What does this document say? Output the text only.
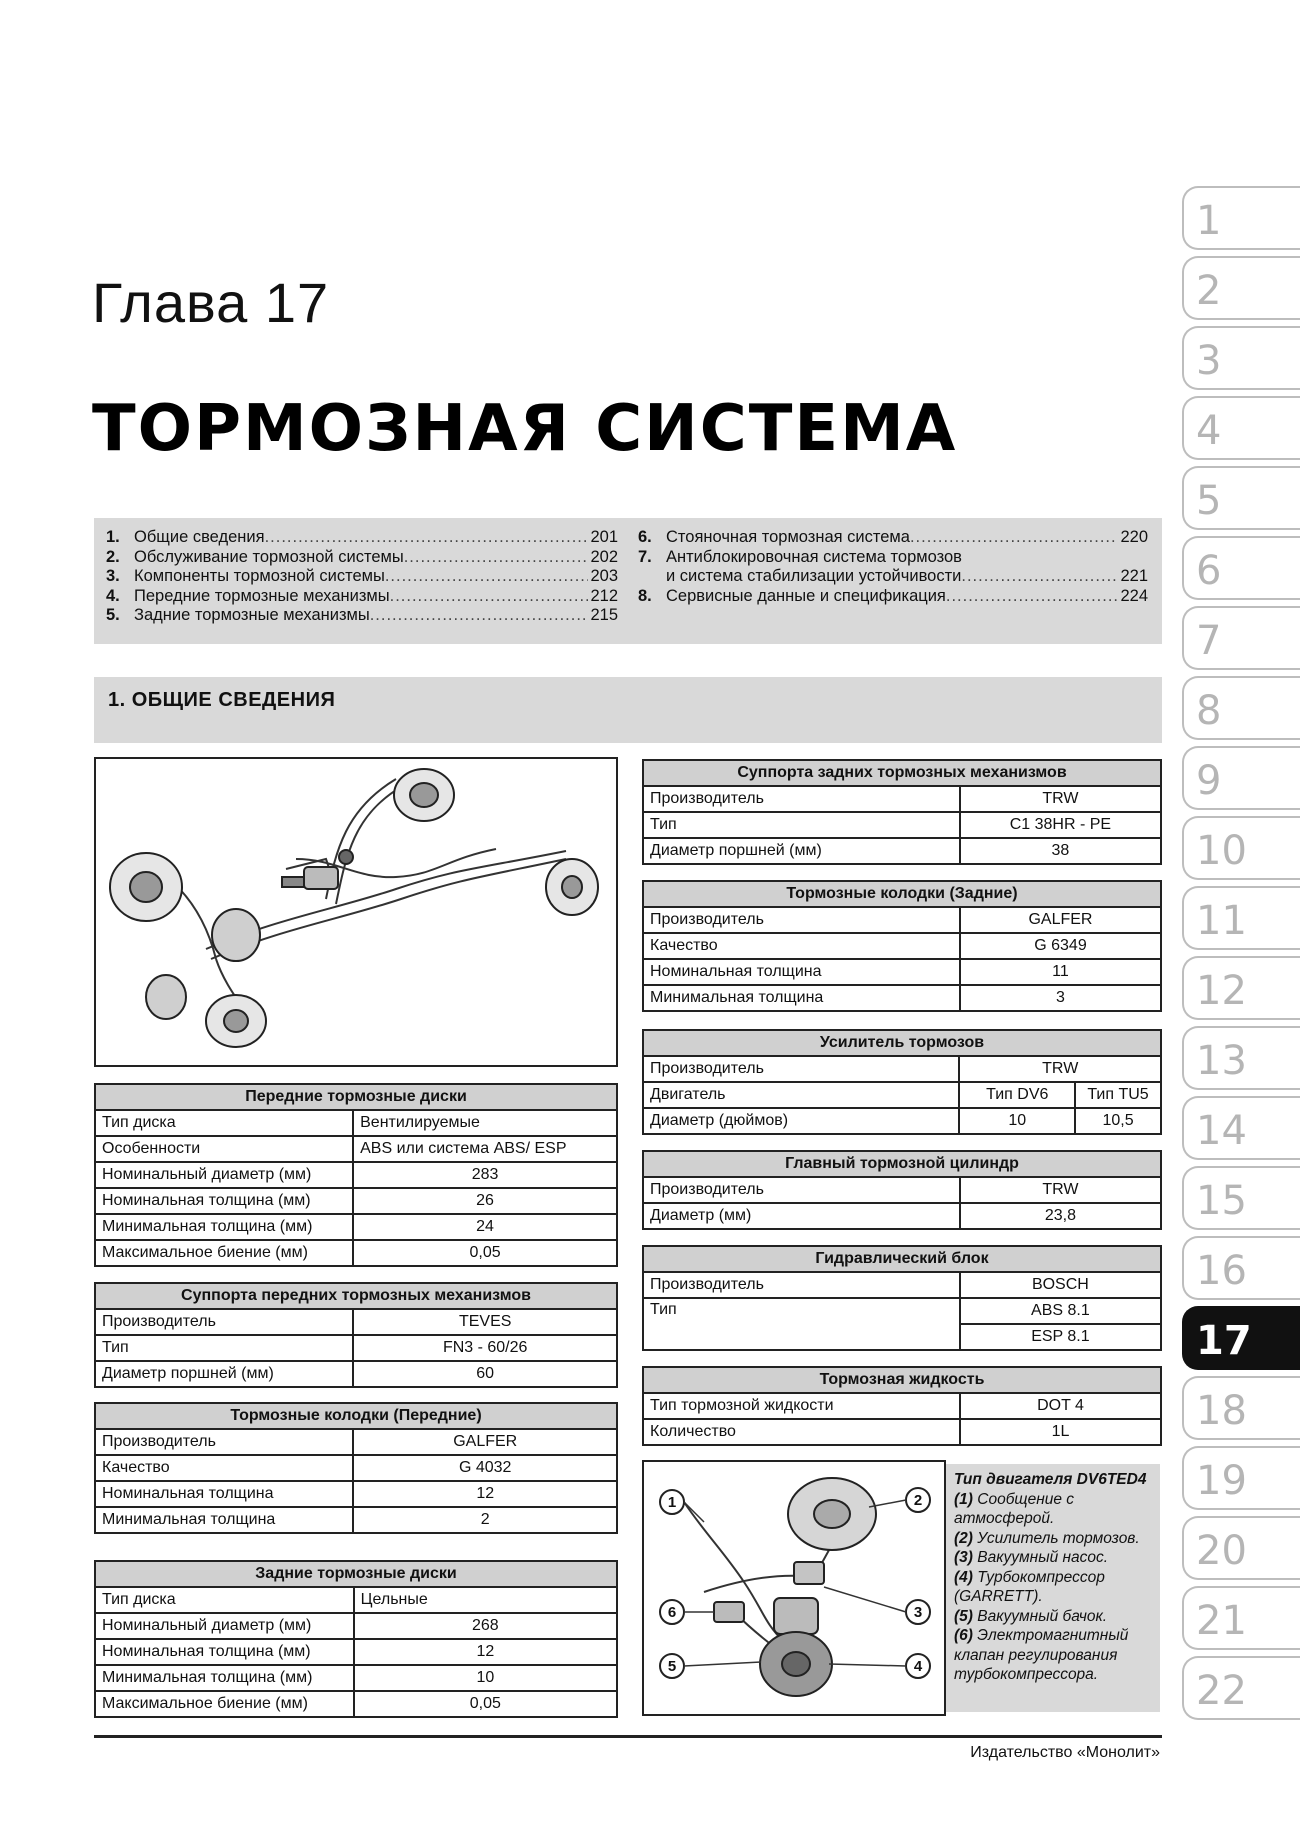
Глава 17
ТОРМОЗНАЯ СИСТЕМА
1. Общие сведения .....	201
2. Обслуживание тормозной системы .....	202
3. Компоненты тормозной системы .....	203
4. Передние тормозные механизмы .....	212
5. Задние тормозные механизмы .....	215
6. Стояночная тормозная система .....	220
7. Антиблокировочная система тормозов
и система стабилизации устойчивости .....	221
8. Сервисные данные и спецификация .....	224
1. ОБЩИЕ СВЕДЕНИЯ
Передние тормозные диски	
Тип диска	Вентилируемые
Особенности	ABS или система ABS/ ESP
Номинальный диаметр (мм)	283
Номинальная толщина (мм)	26
Минимальная толщина (мм)	24
Максимальное биение (мм)	0,05
Суппорта передних тормозных механизмов	
Производитель	TEVES
Тип	FN3 - 60/26
Диаметр поршней (мм)	60
Тормозные колодки (Передние)	
Производитель	GALFER
Качество	G 4032
Номинальная толщина	12
Минимальная толщина	2
Задние тормозные диски	
Тип диска	Цельные
Номинальный диаметр (мм)	268
Номинальная толщина (мм)	12
Минимальная толщина (мм)	10
Максимальное биение (мм)	0,05
Суппорта задних тормозных механизмов	
Производитель	TRW
Тип	C1 38HR - PE
Диаметр поршней (мм)	38
Тормозные колодки (Задние)	
Производитель	GALFER
Качество	G 6349
Номинальная толщина	11
Минимальная толщина	3
Усилитель тормозов		
Производитель	TRW	
Двигатель	Тип DV6	Тип TU5
Диаметр (дюймов)	10	10,5
Главный тормозной цилиндр	
Производитель	TRW
Диаметр (мм)	23,8
Гидравлический блок	
Производитель	BOSCH
Тип	ABS 8.1
	ESP 8.1
Тормозная жидкость	
Тип тормозной жидкости	DOT 4
Количество	1L
1	2
3
4
5
6
Тип двигателя DV6TED4
(1) Сообщение с атмосферой.
(2) Усилитель тормозов.
(3) Вакуумный насос.
(4) Турбокомпрессор (GARRETT).
(5) Вакуумный бачок.
(6) Электромагнитный клапан регулирования турбокомпрессора.
1
2
3
4
5
6
7
8
9
10
11
12
13
14
15
16
17
18
19
20
21
22
Издательство «Монолит»
